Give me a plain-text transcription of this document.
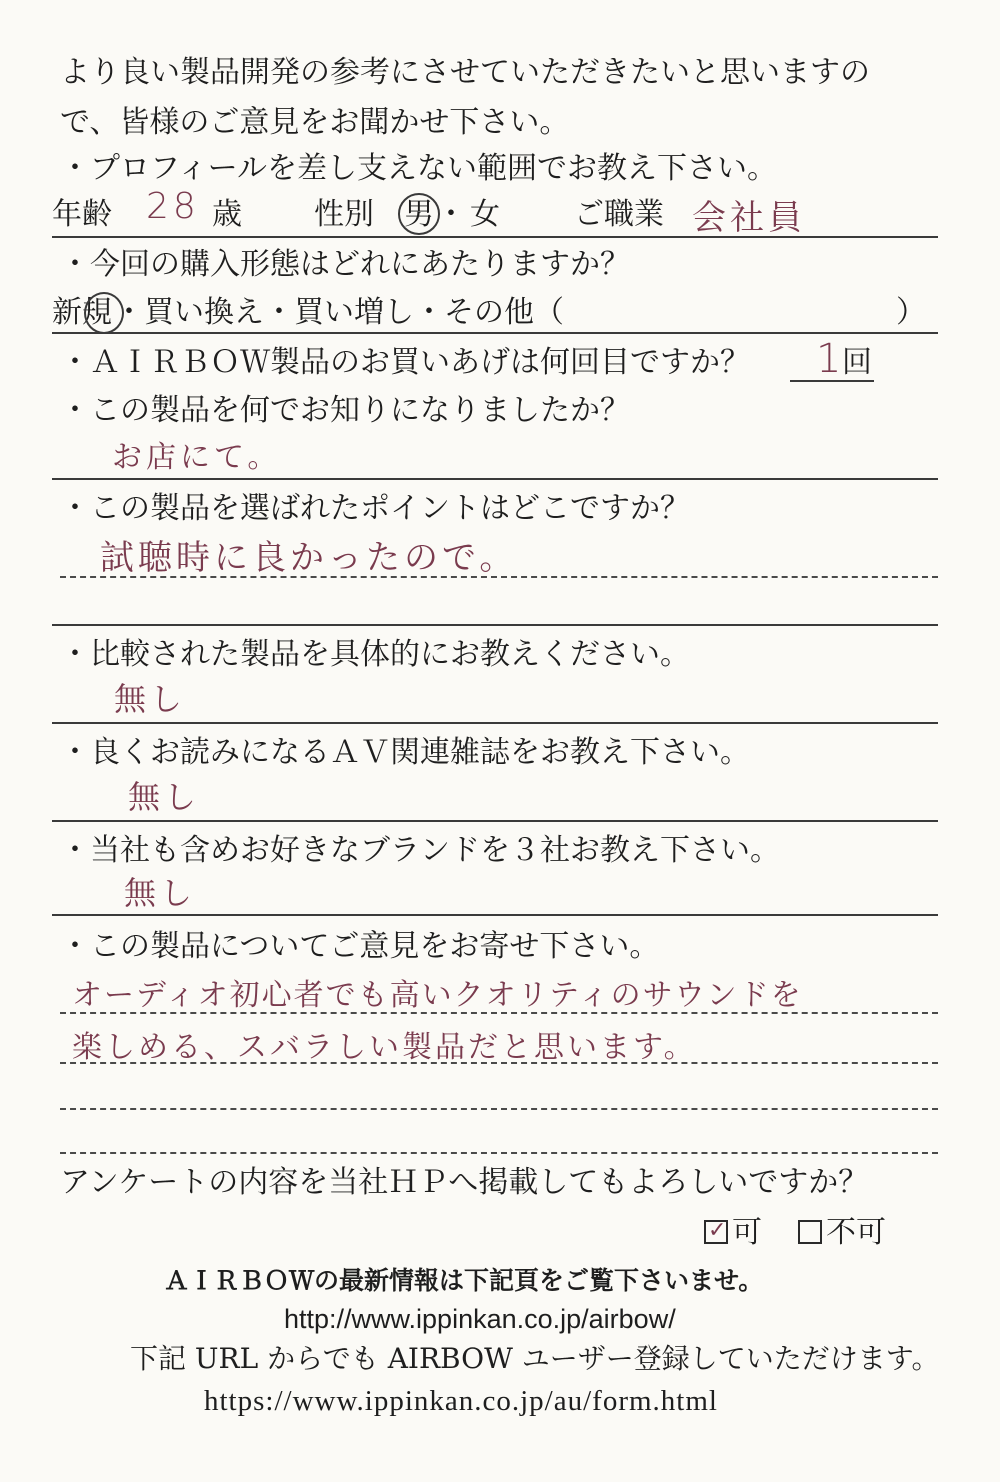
より良い製品開発の参考にさせていただきたいと思いますの
で、皆様のご意見をお聞かせ下さい。
・プロフィールを差し支えない範囲でお教え下さい。
年齢 28 歳 性別 男 ・ 女 ご職業 会社員
・今回の購入形態はどれにあたりますか？
新規 ・買い換え・買い増し・その他（	）
・ＡＩＲＢＯＷ製品のお買いあげは何回目ですか？ 1
回
・この製品を何でお知りになりましたか？
お店にて。
・この製品を選ばれたポイントはどこですか？
試聴時に良かったので。
・比較された製品を具体的にお教えください。
無し
・良くお読みになるＡＶ関連雑誌をお教え下さい。
無し
・当社も含めお好きなブランドを３社お教え下さい。
無し
・この製品についてご意見をお寄せ下さい。
オーディオ初心者でも高いクオリティのサウンドを
楽しめる、スバラしい製品だと思います。
アンケートの内容を当社ＨＰへ掲載してもよろしいですか？
✓ 可	不可
ＡＩＲＢＯＷの最新情報は下記頁をご覧下さいませ。
http://www.ippinkan.co.jp/airbow/
下記 URL からでも AIRBOW ユーザー登録していただけます。
https://www.ippinkan.co.jp/au/form.html
